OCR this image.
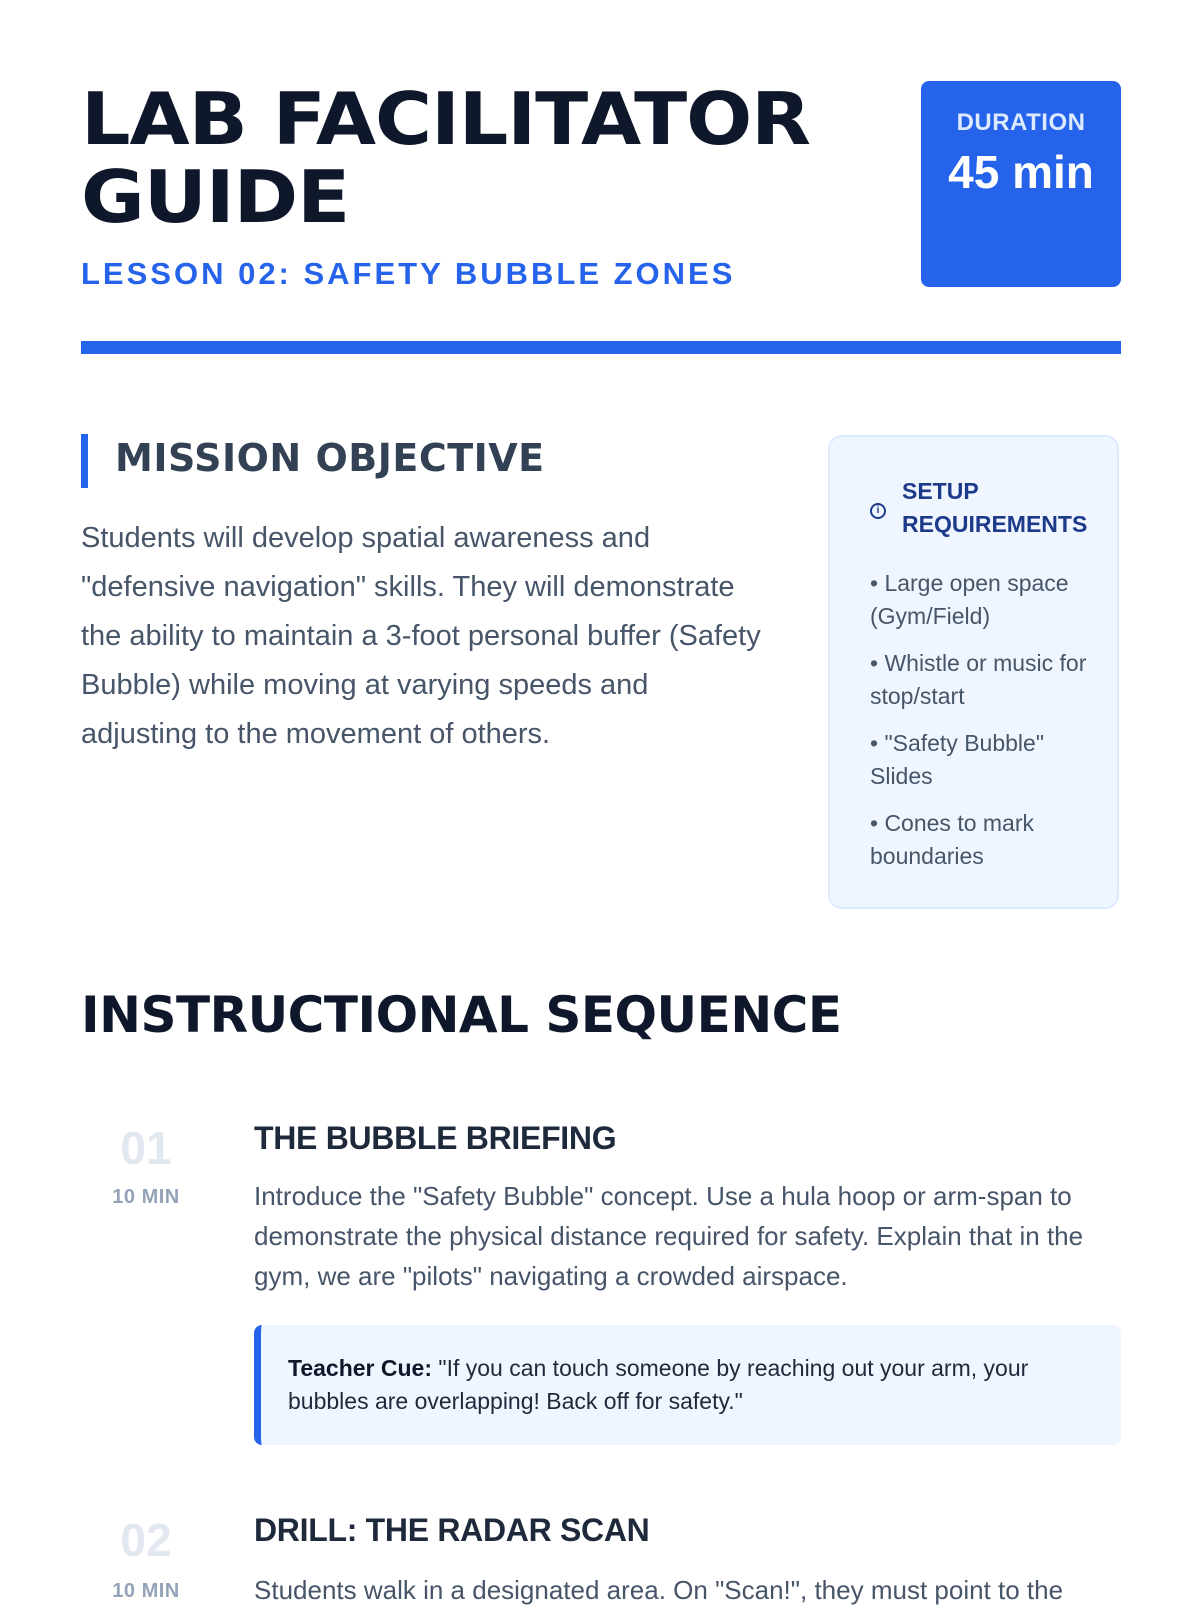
LAB FACILITATOR GUIDE
LESSON 02: SAFETY BUBBLE ZONES
DURATION
45 min
MISSION OBJECTIVE

Students will develop spatial awareness and "defensive navigation" skills. They will demonstrate the ability to maintain a 3-foot personal buffer (Safety Bubble) while moving at varying speeds and adjusting to the movement of others.

i
SETUP REQUIREMENTS
• Large open space (Gym/Field)
• Whistle or music for stop/start
• "Safety Bubble" Slides
• Cones to mark boundaries
INSTRUCTIONAL SEQUENCE
01
10 MIN
THE BUBBLE BRIEFING

Introduce the "Safety Bubble" concept. Use a hula hoop or arm-span to demonstrate the physical distance required for safety. Explain that in the gym, we are "pilots" navigating a crowded airspace.

Teacher Cue: "If you can touch someone by reaching out your arm, your bubbles are overlapping! Back off for safety."
02
10 MIN
DRILL: THE RADAR SCAN

Students walk in a designated area. On "Scan!", they must point to the
